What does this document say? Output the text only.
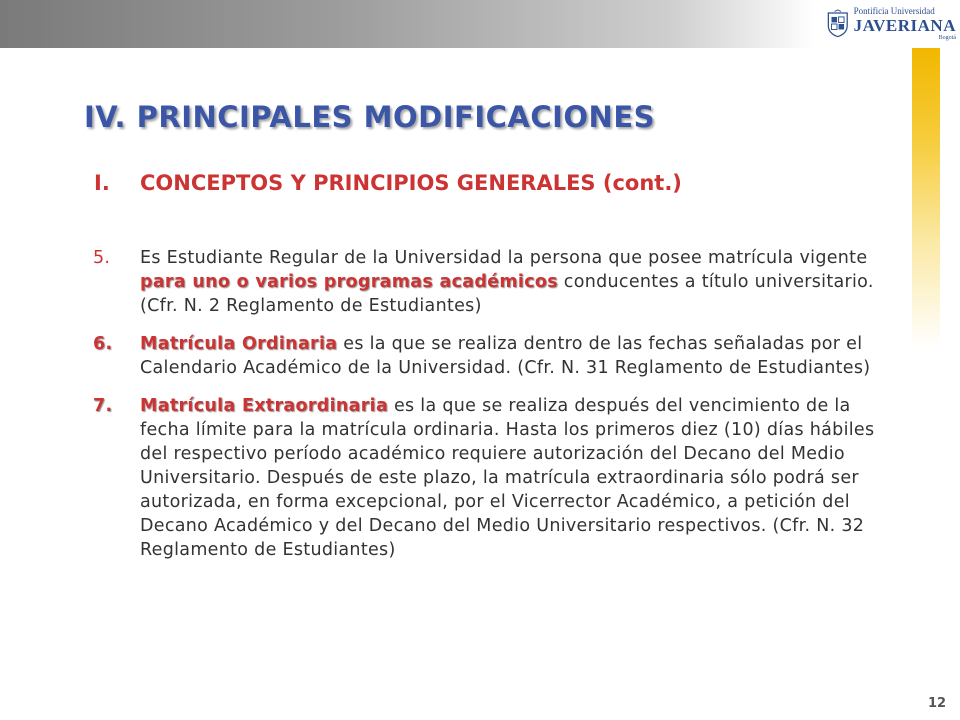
Pontificia Universidad
JAVERIANA
Bogotá
IV. PRINCIPALES MODIFICACIONES
I. CONCEPTOS Y PRINCIPIOS GENERALES (cont.)
5.	Es Estudiante Regular de la Universidad la persona que posee matrícula vigente para uno o varios programas académicos conducentes a título universitario. (Cfr. N. 2 Reglamento de Estudiantes)
6.	Matrícula Ordinaria es la que se realiza dentro de las fechas señaladas por el Calendario Académico de la Universidad. (Cfr. N. 31 Reglamento de Estudiantes)
7.	Matrícula Extraordinaria es la que se realiza después del vencimiento de la fecha límite para la matrícula ordinaria. Hasta los primeros diez (10) días hábiles del respectivo período académico requiere autorización del Decano del Medio Universitario. Después de este plazo, la matrícula extraordinaria sólo podrá ser autorizada, en forma excepcional, por el Vicerrector Académico, a petición del Decano Académico y del Decano del Medio Universitario respectivos. (Cfr. N. 32 Reglamento de Estudiantes)
12
